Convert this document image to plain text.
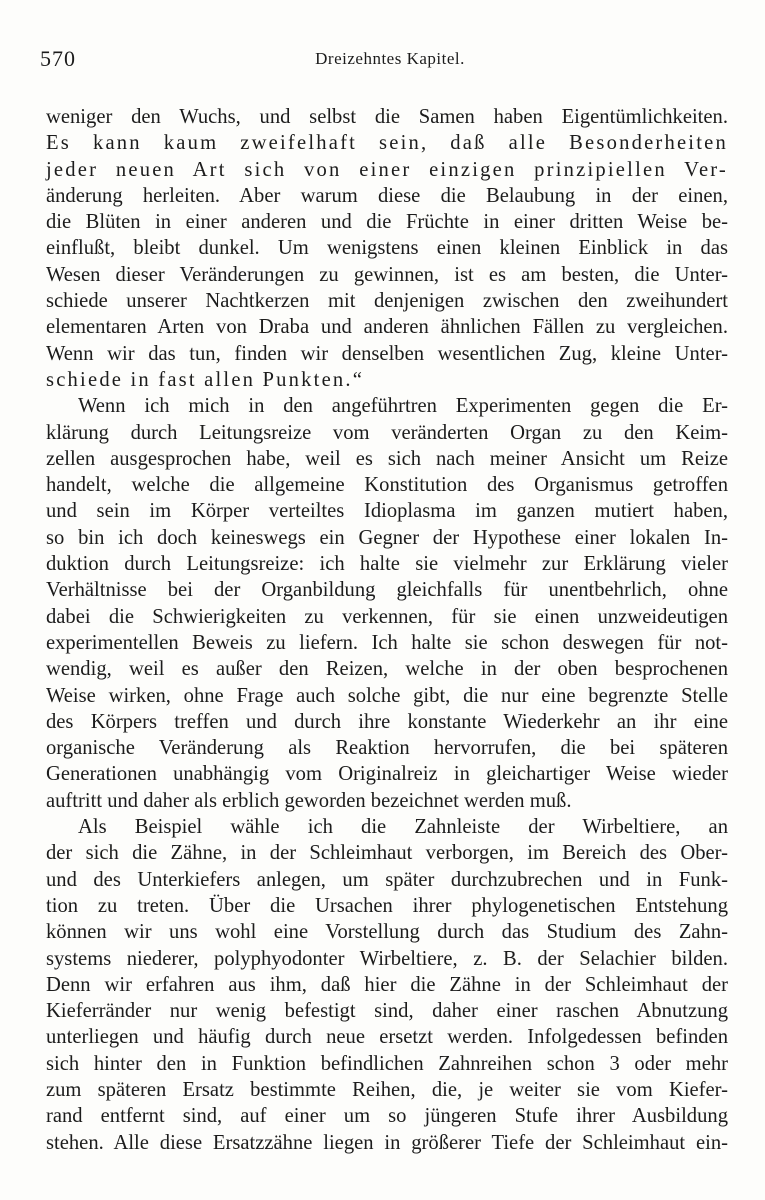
570	Dreizehntes Kapitel.

weniger den Wuchs, und selbst die Samen haben Eigentümlichkeiten.
Es kann kaum zweifelhaft sein, daß alle Besonderheiten
jeder neuen Art sich von einer einzigen prinzipiellen Ver-
änderung herleiten. Aber warum diese die Belaubung in der einen,
die Blüten in einer anderen und die Früchte in einer dritten Weise be-
einflußt, bleibt dunkel. Um wenigstens einen kleinen Einblick in das
Wesen dieser Veränderungen zu gewinnen, ist es am besten, die Unter-
schiede unserer Nachtkerzen mit denjenigen zwischen den zweihundert
elementaren Arten von Draba und anderen ähnlichen Fällen zu vergleichen.
Wenn wir das tun, finden wir denselben wesentlichen Zug, kleine Unter-
schiede in fast allen Punkten.“

Wenn ich mich in den angeführtren Experimenten gegen die Er-
klärung durch Leitungsreize vom veränderten Organ zu den Keim-
zellen ausgesprochen habe, weil es sich nach meiner Ansicht um Reize
handelt, welche die allgemeine Konstitution des Organismus getroffen
und sein im Körper verteiltes Idioplasma im ganzen mutiert haben,
so bin ich doch keineswegs ein Gegner der Hypothese einer lokalen In-
duktion durch Leitungsreize: ich halte sie vielmehr zur Erklärung vieler
Verhältnisse bei der Organbildung gleichfalls für unentbehrlich, ohne
dabei die Schwierigkeiten zu verkennen, für sie einen unzweideutigen
experimentellen Beweis zu liefern. Ich halte sie schon deswegen für not-
wendig, weil es außer den Reizen, welche in der oben besprochenen
Weise wirken, ohne Frage auch solche gibt, die nur eine begrenzte Stelle
des Körpers treffen und durch ihre konstante Wiederkehr an ihr eine
organische Veränderung als Reaktion hervorrufen, die bei späteren
Generationen unabhängig vom Originalreiz in gleichartiger Weise wieder
auftritt und daher als erblich geworden bezeichnet werden muß.

Als Beispiel wähle ich die Zahnleiste der Wirbeltiere, an
der sich die Zähne, in der Schleimhaut verborgen, im Bereich des Ober-
und des Unterkiefers anlegen, um später durchzubrechen und in Funk-
tion zu treten. Über die Ursachen ihrer phylogenetischen Entstehung
können wir uns wohl eine Vorstellung durch das Studium des Zahn-
systems niederer, polyphyodonter Wirbeltiere, z. B. der Selachier bilden.
Denn wir erfahren aus ihm, daß hier die Zähne in der Schleimhaut der
Kieferränder nur wenig befestigt sind, daher einer raschen Abnutzung
unterliegen und häufig durch neue ersetzt werden. Infolgedessen befinden
sich hinter den in Funktion befindlichen Zahnreihen schon 3 oder mehr
zum späteren Ersatz bestimmte Reihen, die, je weiter sie vom Kiefer-
rand entfernt sind, auf einer um so jüngeren Stufe ihrer Ausbildung
stehen. Alle diese Ersatzzähne liegen in größerer Tiefe der Schleimhaut ein-
